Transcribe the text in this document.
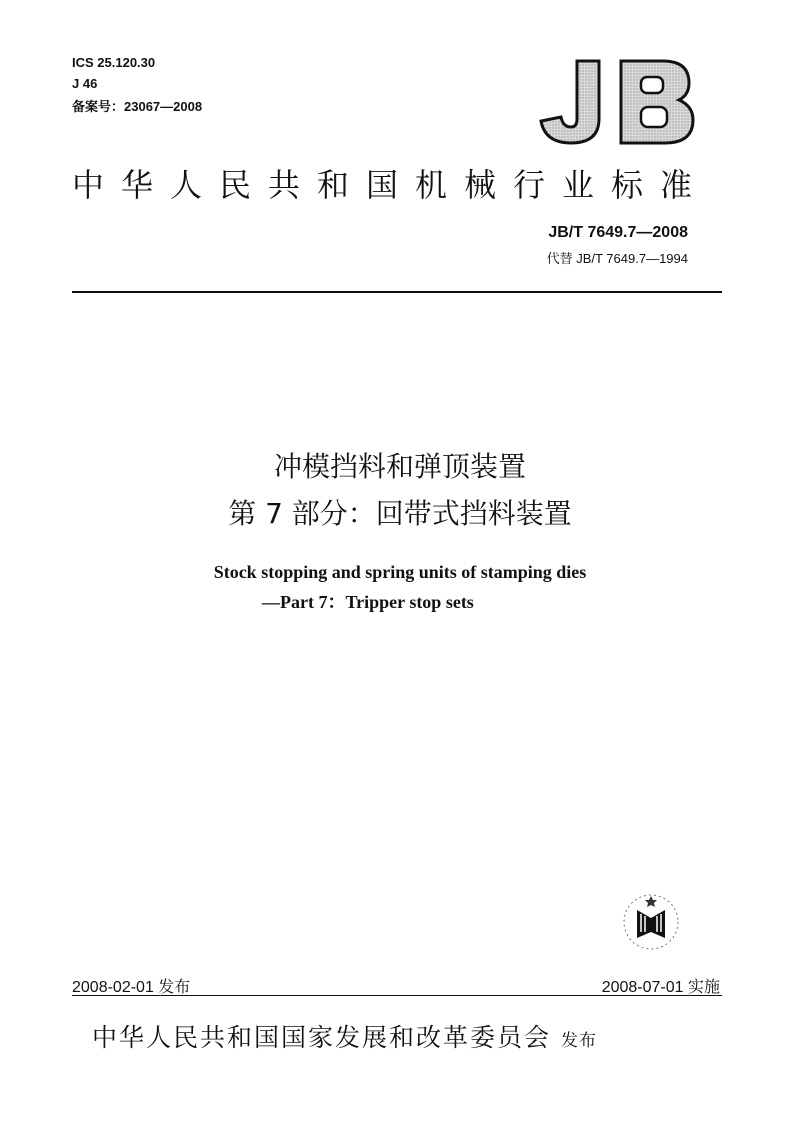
ICS 25.120.30
J 46
备案号：23067—2008
中华人民共和国机械行业标准
JB/T 7649.7—2008
代替 JB/T 7649.7—1994
冲模挡料和弹顶装置
第 7 部分：回带式挡料装置
Stock stopping and spring units of stamping dies
—Part 7：Tripper stop sets
2008-02-01 发布	2008-07-01 实施
中华人民共和国国家发展和改革委员会 发布
